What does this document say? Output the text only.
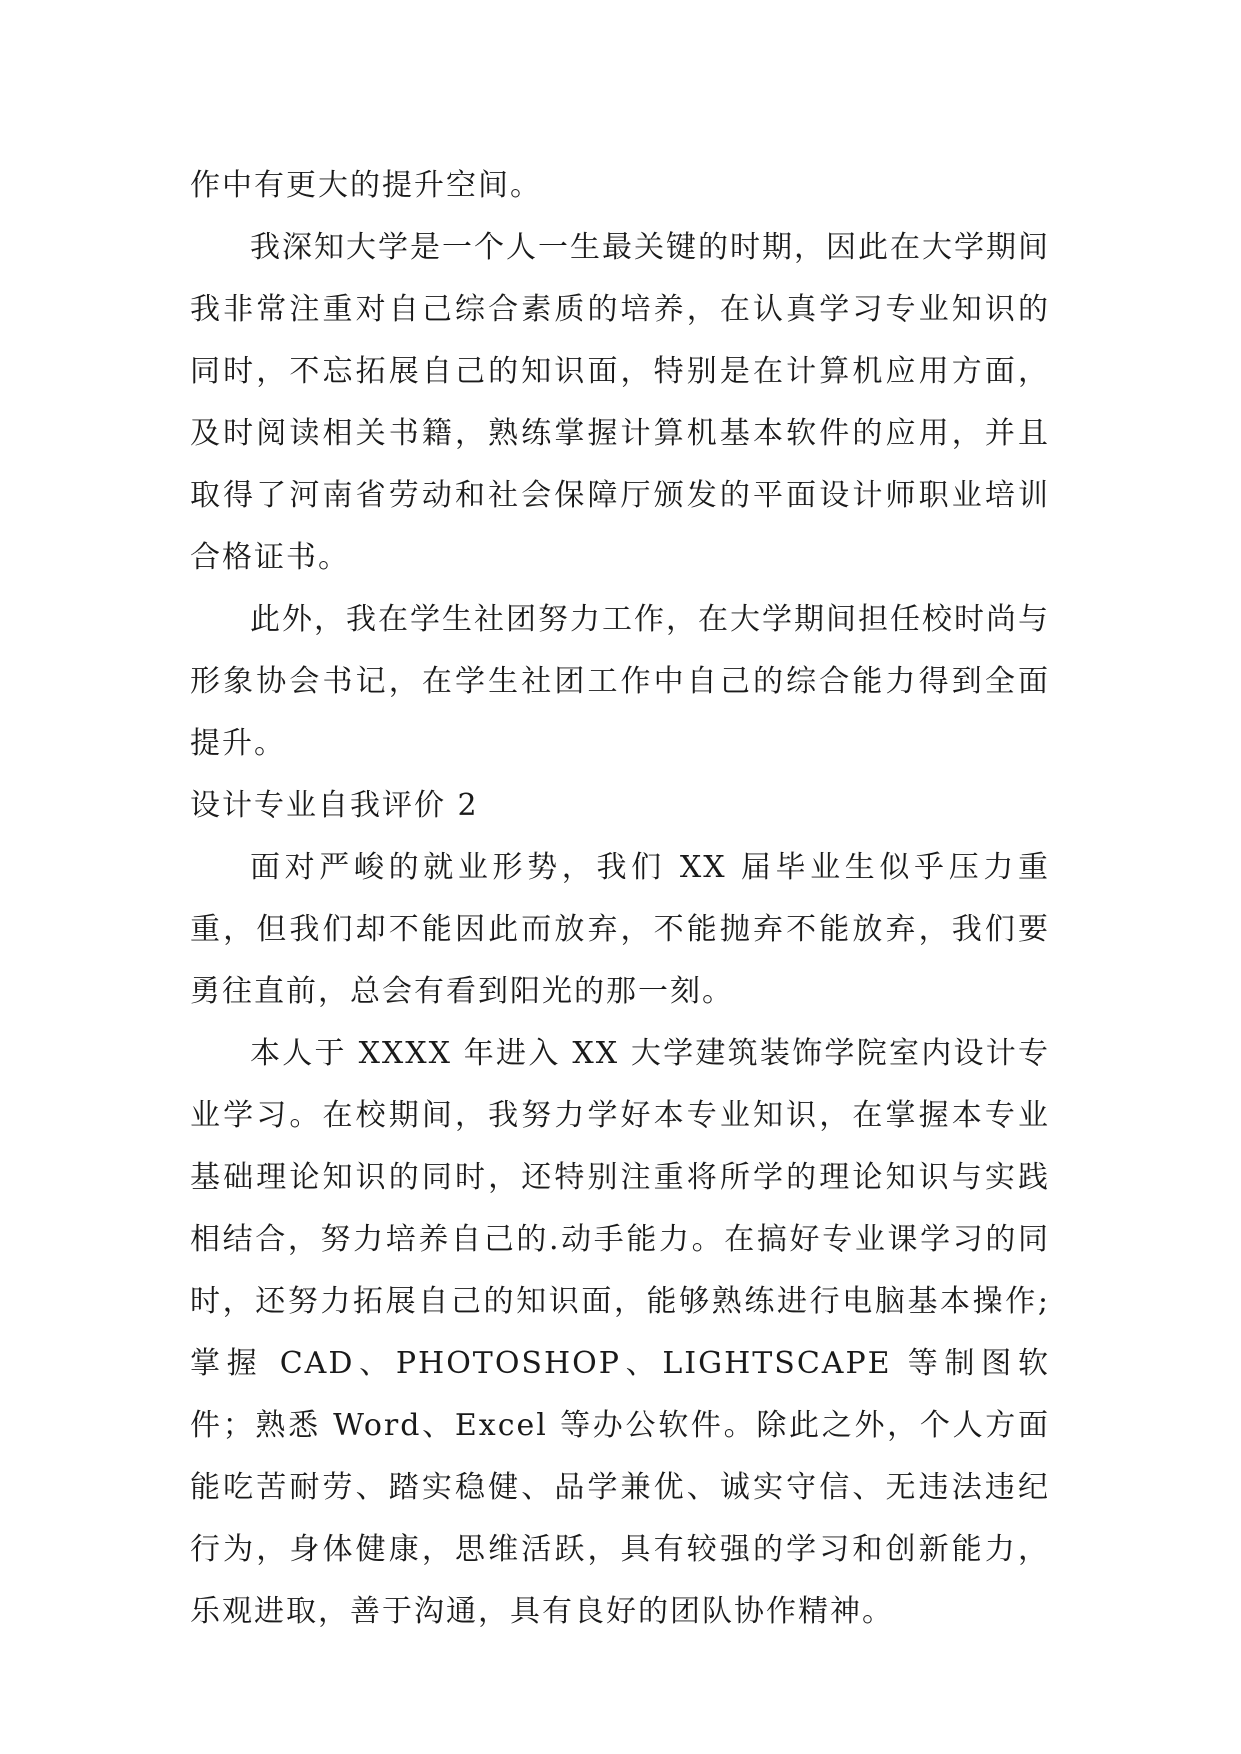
作中有更大的提升空间。

我深知大学是一个人一生最关键的时期，因此在大学期间我非常注重对自己综合素质的培养，在认真学习专业知识的同时，不忘拓展自己的知识面，特别是在计算机应用方面，及时阅读相关书籍，熟练掌握计算机基本软件的应用，并且取得了河南省劳动和社会保障厅颁发的平面设计师职业培训合格证书。

此外，我在学生社团努力工作，在大学期间担任校时尚与形象协会书记，在学生社团工作中自己的综合能力得到全面提升。

设计专业自我评价 2

面对严峻的就业形势，我们 XX 届毕业生似乎压力重重，但我们却不能因此而放弃，不能抛弃不能放弃，我们要勇往直前，总会有看到阳光的那一刻。

本人于 XXXX 年进入 XX 大学建筑装饰学院室内设计专业学习。在校期间，我努力学好本专业知识，在掌握本专业基础理论知识的同时，还特别注重将所学的理论知识与实践相结合，努力培养自己的.动手能力。在搞好专业课学习的同时，还努力拓展自己的知识面，能够熟练进行电脑基本操作;掌握 CAD、PHOTOSHOP、LIGHTSCAPE 等制图软件；熟悉 Word、Excel 等办公软件。除此之外，个人方面能吃苦耐劳、踏实稳健、品学兼优、诚实守信、无违法违纪行为，身体健康，思维活跃，具有较强的学习和创新能力，乐观进取，善于沟通，具有良好的团队协作精神。
